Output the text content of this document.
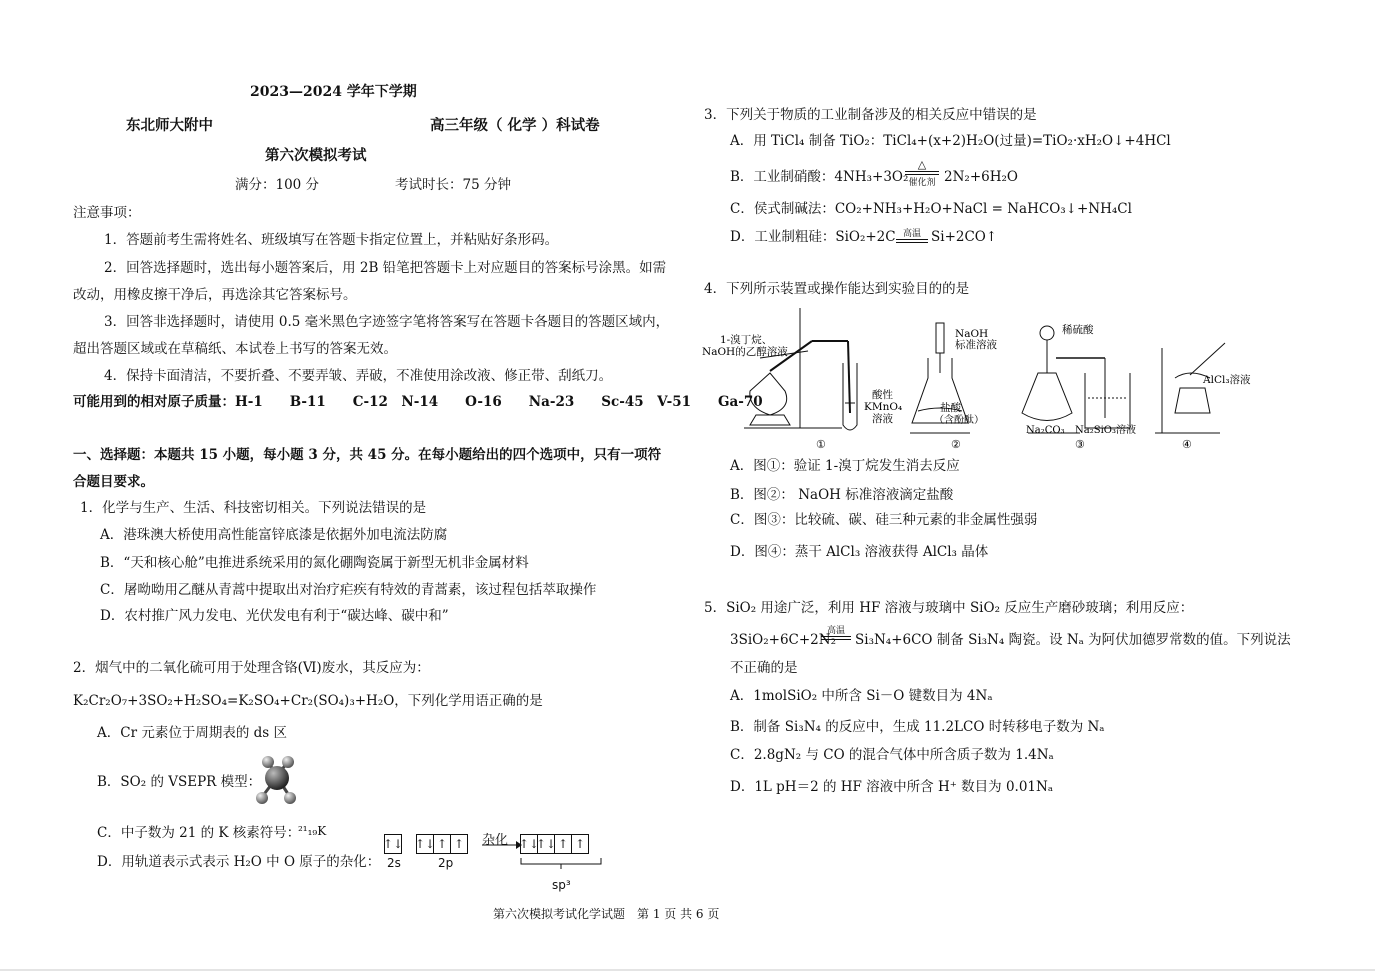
2023—2024 学年下学期
东北师大附中	高三年级（ 化学 ）科试卷
第六次模拟考试
满分：100 分	考试时长：75 分钟
注意事项：
1．答题前考生需将姓名、班级填写在答题卡指定位置上，并粘贴好条形码。
2．回答选择题时，选出每小题答案后，用 2B 铅笔把答题卡上对应题目的答案标号涂黑。如需
改动，用橡皮擦干净后，再选涂其它答案标号。
3．回答非选择题时，请使用 0.5 毫米黑色字迹签字笔将答案写在答题卡各题目的答题区域内，
超出答题区域或在草稿纸、本试卷上书写的答案无效。
4．保持卡面清洁，不要折叠、不要弄皱、弄破，不准使用涂改液、修正带、刮纸刀。
可能用到的相对原子质量：H-1　　B-11　　C-12　N-14　　O-16　　Na-23　　Sc-45　V-51　　Ga-70
一、选择题：本题共 15 小题，每小题 3 分，共 45 分。在每小题给出的四个选项中，只有一项符
合题目要求。
1．化学与生产、生活、科技密切相关。下列说法错误的是
A．港珠澳大桥使用高性能富锌底漆是依据外加电流法防腐
B．“天和核心舱”电推进系统采用的氮化硼陶瓷属于新型无机非金属材料
C．屠呦呦用乙醚从青蒿中提取出对治疗疟疾有特效的青蒿素，该过程包括萃取操作
D．农村推广风力发电、光伏发电有利于“碳达峰、碳中和”
2．烟气中的二氧化硫可用于处理含铬(Ⅵ)废水，其反应为：
K₂Cr₂O₇+3SO₂+H₂SO₄=K₂SO₄+Cr₂(SO₄)₃+H₂O，下列化学用语正确的是
A．Cr 元素位于周期表的 ds 区
B．SO₂ 的 VSEPR 模型：
C．中子数为 21 的 K 核素符号：
²¹₁₉K
D．用轨道表示式表示 H₂O 中 O 原子的杂化：
↑↓ ↑↓ ↑ ↑
2s	2p
杂化 ↑↓
↑↓ ↑ ↑
sp³
3．下列关于物质的工业制备涉及的相关反应中错误的是
A．用 TiCl₄ 制备 TiO₂：TiCl₄+(x+2)H₂O(过量)=TiO₂·xH₂O↓+4HCl
B．工业制硝酸：4NH₃+3O₂
△
催化剂 2N₂+6H₂O
C．侯式制碱法：CO₂+NH₃+H₂O+NaCl = NaHCO₃↓+NH₄Cl
D．工业制粗硅：SiO₂+2C 高温 Si+2CO↑
4．下列所示装置或操作能达到实验目的的是
1-溴丁烷、
NaOH的乙醇溶液
酸性
KMnO₄
溶液
①
NaOH
标准溶液
盐酸
（含酚酞）
②
稀硫酸
Na₂CO₃ Na₂SiO₃溶液
③
AlCl₃溶液
④
A．图①：验证 1-溴丁烷发生消去反应
B．图②： NaOH 标准溶液滴定盐酸
C．图③：比较硫、碳、硅三种元素的非金属性强弱
D．图④：蒸干 AlCl₃ 溶液获得 AlCl₃ 晶体
5．SiO₂ 用途广泛，利用 HF 溶液与玻璃中 SiO₂ 反应生产磨砂玻璃；利用反应：
3SiO₂+6C+2N₂
高温
Si₃N₄+6CO 制备 Si₃N₄ 陶瓷。设 Nₐ 为阿伏加德罗常数的值。下列说法
不正确的是
A．1molSiO₂ 中所含 Si－O 键数目为 4Nₐ
B．制备 Si₃N₄ 的反应中，生成 11.2LCO 时转移电子数为 Nₐ
C．2.8gN₂ 与 CO 的混合气体中所含质子数为 1.4Nₐ
D．1L pH＝2 的 HF 溶液中所含 H⁺ 数目为 0.01Nₐ
第六次模拟考试化学试题　第 1 页 共 6 页
